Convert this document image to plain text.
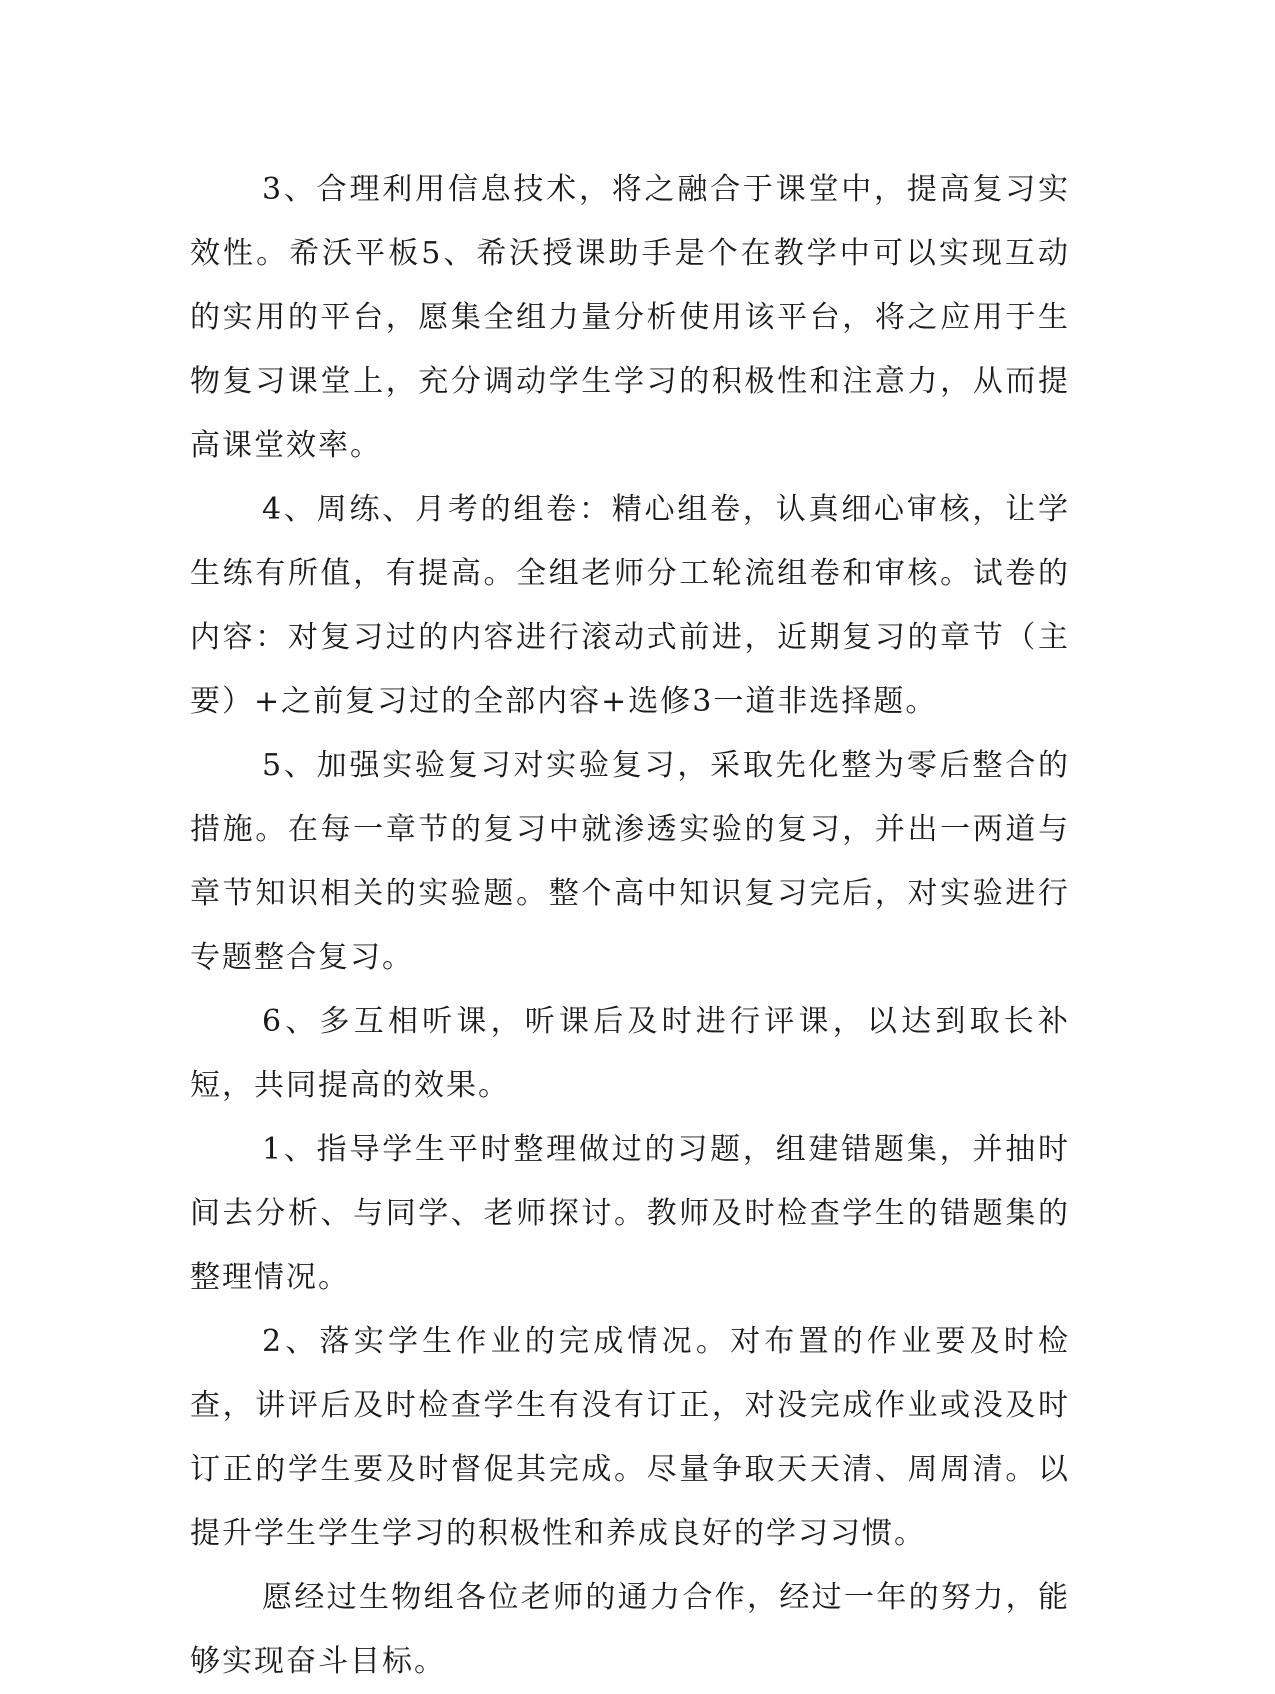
3、合理利用信息技术，将之融合于课堂中，提高复习实效性。希沃平板5、希沃授课助手是个在教学中可以实现互动的实用的平台，愿集全组力量分析使用该平台，将之应用于生物复习课堂上，充分调动学生学习的积极性和注意力，从而提高课堂效率。

4、周练、月考的组卷：精心组卷，认真细心审核，让学生练有所值，有提高。全组老师分工轮流组卷和审核。试卷的内容：对复习过的内容进行滚动式前进，近期复习的章节（主要）+之前复习过的全部内容+选修3一道非选择题。

5、加强实验复习对实验复习，采取先化整为零后整合的措施。在每一章节的复习中就渗透实验的复习，并出一两道与章节知识相关的实验题。整个高中知识复习完后，对实验进行专题整合复习。

6、多互相听课，听课后及时进行评课，以达到取长补短，共同提高的效果。

1、指导学生平时整理做过的习题，组建错题集，并抽时间去分析、与同学、老师探讨。教师及时检查学生的错题集的整理情况。

2、落实学生作业的完成情况。对布置的作业要及时检查，讲评后及时检查学生有没有订正，对没完成作业或没及时订正的学生要及时督促其完成。尽量争取天天清、周周清。以提升学生学生学习的积极性和养成良好的学习习惯。

愿经过生物组各位老师的通力合作，经过一年的努力，能够实现奋斗目标。
